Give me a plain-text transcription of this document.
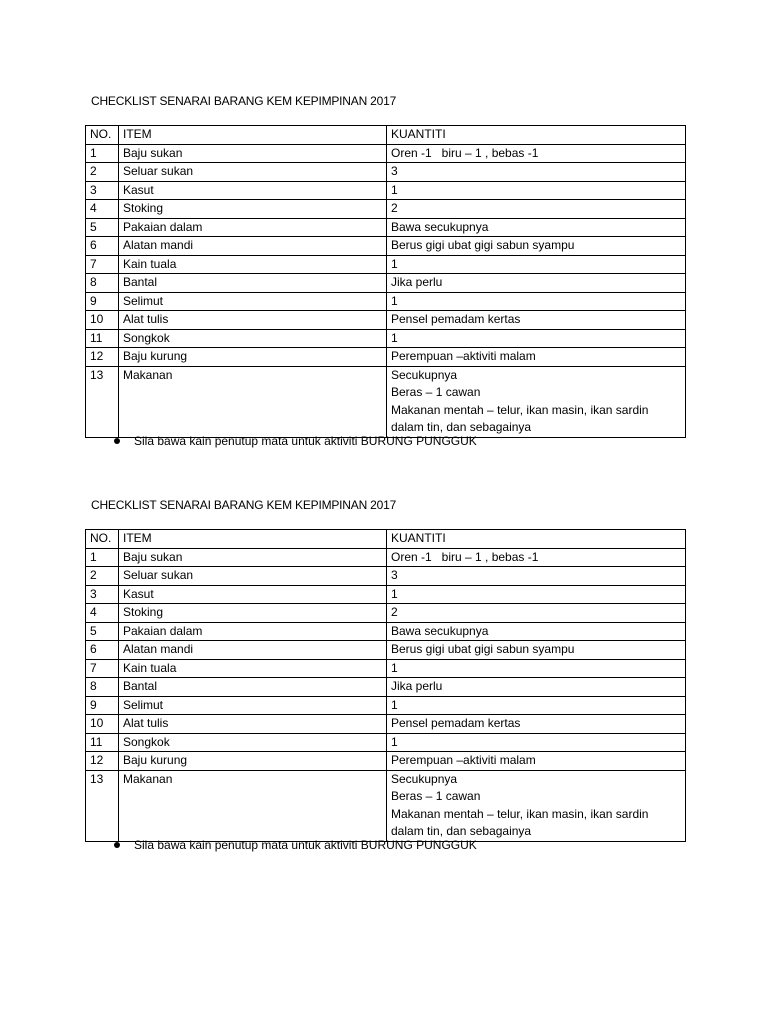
CHECKLIST SENARAI BARANG KEM KEPIMPINAN 2017
NO.	ITEM	KUANTITI
1	Baju sukan	Oren -1   biru – 1 , bebas -1
2	Seluar sukan	3
3	Kasut	1
4	Stoking	2
5	Pakaian dalam	Bawa secukupnya
6	Alatan mandi	Berus gigi ubat gigi sabun syampu
7	Kain tuala	1
8	Bantal	Jika perlu
9	Selimut	1
10	Alat tulis	Pensel pemadam kertas
11	Songkok	1
12	Baju kurung	Perempuan –aktiviti malam
13	Makanan	Secukupnya
Beras – 1 cawan
Makanan mentah – telur, ikan masin, ikan sardin
dalam tin, dan sebagainya
Sila bawa kain penutup mata untuk aktiviti BURUNG PUNGGUK
CHECKLIST SENARAI BARANG KEM KEPIMPINAN 2017
NO.	ITEM	KUANTITI
1	Baju sukan	Oren -1   biru – 1 , bebas -1
2	Seluar sukan	3
3	Kasut	1
4	Stoking	2
5	Pakaian dalam	Bawa secukupnya
6	Alatan mandi	Berus gigi ubat gigi sabun syampu
7	Kain tuala	1
8	Bantal	Jika perlu
9	Selimut	1
10	Alat tulis	Pensel pemadam kertas
11	Songkok	1
12	Baju kurung	Perempuan –aktiviti malam
13	Makanan	Secukupnya
Beras – 1 cawan
Makanan mentah – telur, ikan masin, ikan sardin
dalam tin, dan sebagainya
Sila bawa kain penutup mata untuk aktiviti BURUNG PUNGGUK
